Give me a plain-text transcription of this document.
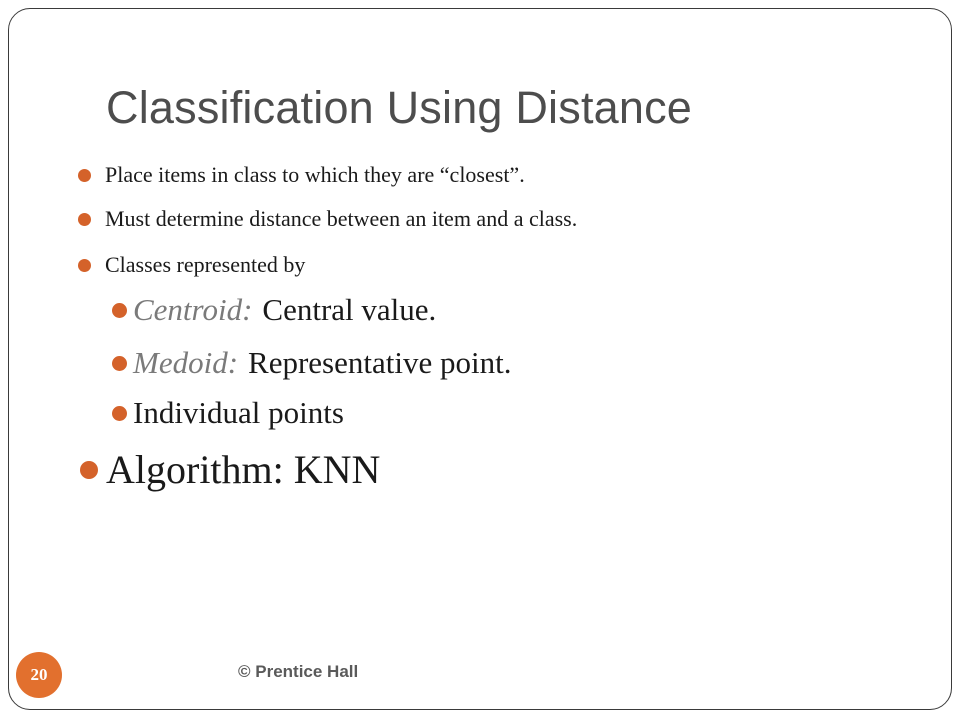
Classification Using Distance
Place items in class to which they are “closest”.
Must determine distance between an item and a class.
Classes represented by
Centroid: Central value.
Medoid: Representative point.
Individual points
Algorithm: KNN
© Prentice Hall
20
